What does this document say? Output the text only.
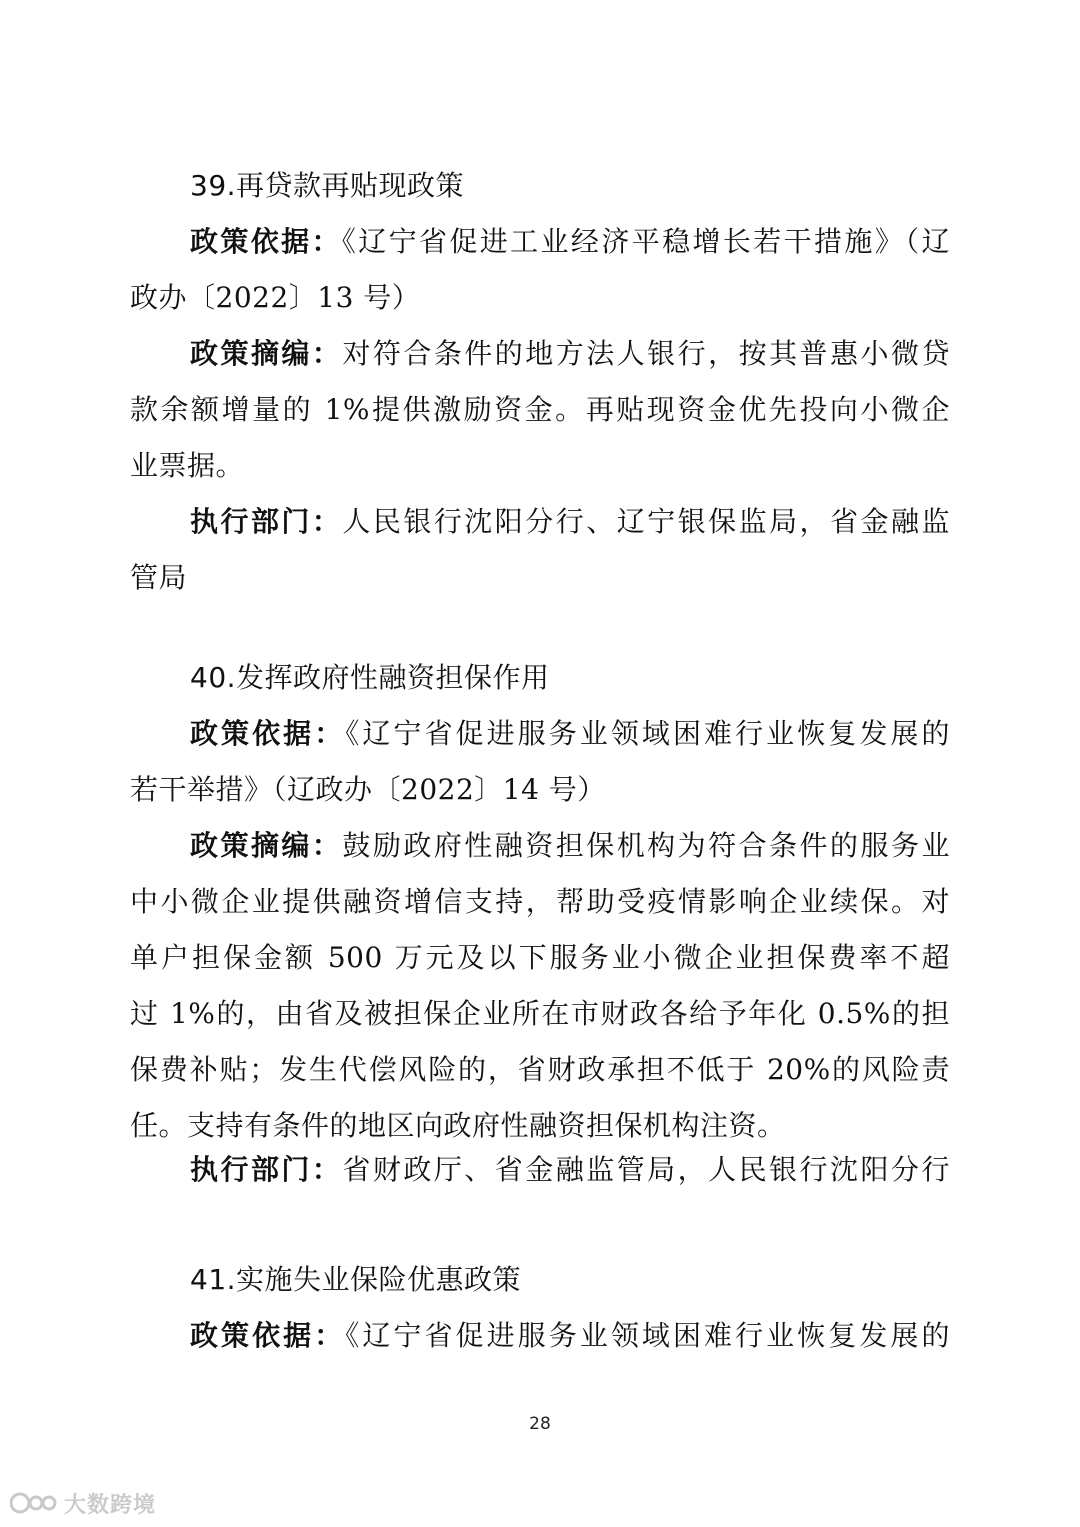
39.再贷款再贴现政策
政策依据：《辽宁省促进工业经济平稳增长若干措施》（辽
政办〔2022〕13 号）
政策摘编：对符合条件的地方法人银行，按其普惠小微贷
款余额增量的 1%提供激励资金。再贴现资金优先投向小微企
业票据。
执行部门：人民银行沈阳分行、辽宁银保监局，省金融监
管局
40.发挥政府性融资担保作用
政策依据：《辽宁省促进服务业领域困难行业恢复发展的
若干举措》（辽政办〔2022〕14 号）
政策摘编：鼓励政府性融资担保机构为符合条件的服务业
中小微企业提供融资增信支持，帮助受疫情影响企业续保。对
单户担保金额 500 万元及以下服务业小微企业担保费率不超
过 1%的，由省及被担保企业所在市财政各给予年化 0.5%的担
保费补贴；发生代偿风险的，省财政承担不低于 20%的风险责
任。支持有条件的地区向政府性融资担保机构注资。
执行部门：省财政厅、省金融监管局，人民银行沈阳分行
41.实施失业保险优惠政策
政策依据：《辽宁省促进服务业领域困难行业恢复发展的
28
大数跨境
